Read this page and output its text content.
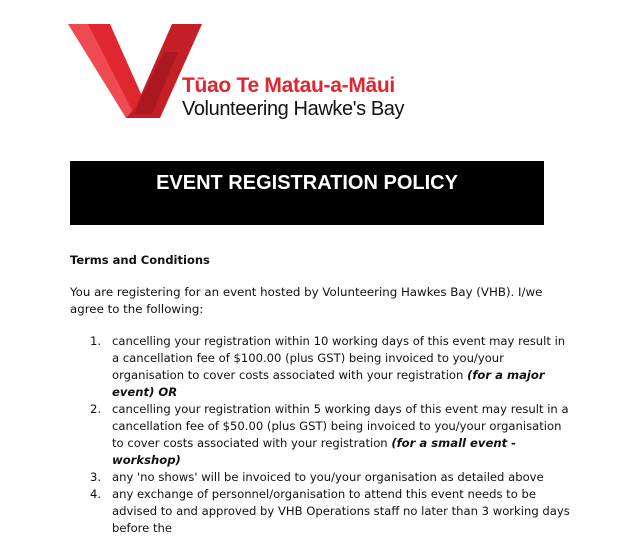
Tūao Te Matau-a-Māui
Volunteering Hawke's Bay
EVENT REGISTRATION POLICY

Terms and Conditions

You are registering for an event hosted by Volunteering Hawkes Bay (VHB). I/we agree to the following:

1. cancelling your registration within 10 working days of this event may result in a cancellation fee of $100.00 (plus GST) being invoiced to you/your organisation to cover costs associated with your registration (for a major event) OR
2. cancelling your registration within 5 working days of this event may result in a cancellation fee of $50.00 (plus GST) being invoiced to you/your organisation to cover costs associated with your registration (for a small event - workshop)
3. any 'no shows' will be invoiced to you/your organisation as detailed above
4. any exchange of personnel/organisation to attend this event needs to be advised to and approved by VHB Operations staff no later than 3 working days before the
